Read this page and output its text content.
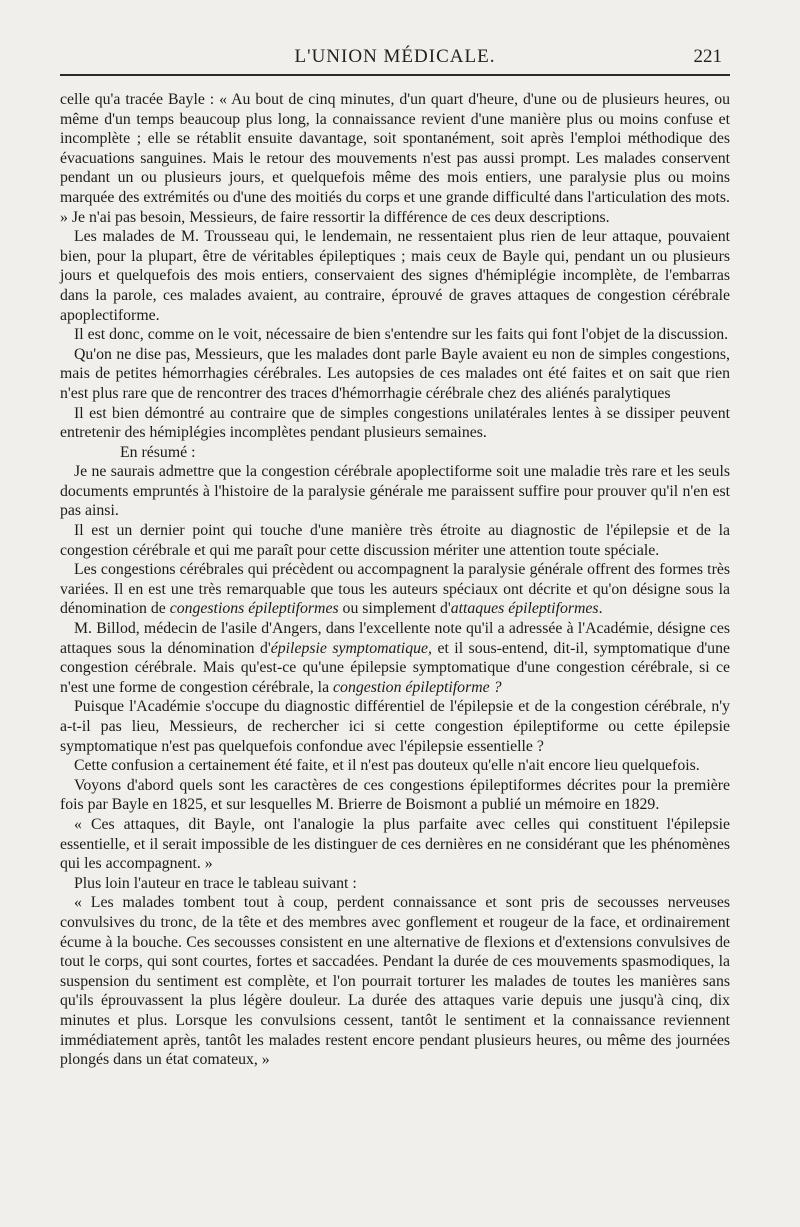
L'UNION MÉDICALE.	221

celle qu'a tracée Bayle : « Au bout de cinq minutes, d'un quart d'heure, d'une ou de plusieurs heures, ou même d'un temps beaucoup plus long, la connaissance revient d'une manière plus ou moins confuse et incomplète ; elle se rétablit ensuite davantage, soit spontanément, soit après l'emploi méthodique des évacuations sanguines. Mais le retour des mouvements n'est pas aussi prompt. Les malades conservent pendant un ou plusieurs jours, et quelquefois même des mois entiers, une paralysie plus ou moins marquée des extrémités ou d'une des moitiés du corps et une grande difficulté dans l'articulation des mots. » Je n'ai pas besoin, Messieurs, de faire ressortir la différence de ces deux descriptions.

Les malades de M. Trousseau qui, le lendemain, ne ressentaient plus rien de leur attaque, pouvaient bien, pour la plupart, être de véritables épileptiques ; mais ceux de Bayle qui, pendant un ou plusieurs jours et quelquefois des mois entiers, conservaient des signes d'hémiplégie incomplète, de l'embarras dans la parole, ces malades avaient, au contraire, éprouvé de graves attaques de congestion cérébrale apoplectiforme.

Il est donc, comme on le voit, nécessaire de bien s'entendre sur les faits qui font l'objet de la discussion.

Qu'on ne dise pas, Messieurs, que les malades dont parle Bayle avaient eu non de simples congestions, mais de petites hémorrhagies cérébrales. Les autopsies de ces malades ont été faites et on sait que rien n'est plus rare que de rencontrer des traces d'hémorrhagie cérébrale chez des aliénés paralytiques

Il est bien démontré au contraire que de simples congestions unilatérales lentes à se dissiper peuvent entretenir des hémiplégies incomplètes pendant plusieurs semaines.

En résumé :

Je ne saurais admettre que la congestion cérébrale apoplectiforme soit une maladie très rare et les seuls documents empruntés à l'histoire de la paralysie générale me paraissent suffire pour prouver qu'il n'en est pas ainsi.

Il est un dernier point qui touche d'une manière très étroite au diagnostic de l'épilepsie et de la congestion cérébrale et qui me paraît pour cette discussion mériter une attention toute spéciale.

Les congestions cérébrales qui précèdent ou accompagnent la paralysie générale offrent des formes très variées. Il en est une très remarquable que tous les auteurs spéciaux ont décrite et qu'on désigne sous la dénomination de congestions épileptiformes ou simplement d'attaques épileptiformes.

M. Billod, médecin de l'asile d'Angers, dans l'excellente note qu'il a adressée à l'Académie, désigne ces attaques sous la dénomination d'épilepsie symptomatique, et il sous-entend, dit-il, symptomatique d'une congestion cérébrale. Mais qu'est-ce qu'une épilepsie symptomatique d'une congestion cérébrale, si ce n'est une forme de congestion cérébrale, la congestion épileptiforme ?

Puisque l'Académie s'occupe du diagnostic différentiel de l'épilepsie et de la congestion cérébrale, n'y a-t-il pas lieu, Messieurs, de rechercher ici si cette congestion épileptiforme ou cette épilepsie symptomatique n'est pas quelquefois confondue avec l'épilepsie essentielle ?

Cette confusion a certainement été faite, et il n'est pas douteux qu'elle n'ait encore lieu quelquefois.

Voyons d'abord quels sont les caractères de ces congestions épileptiformes décrites pour la première fois par Bayle en 1825, et sur lesquelles M. Brierre de Boismont a publié un mémoire en 1829.

« Ces attaques, dit Bayle, ont l'analogie la plus parfaite avec celles qui constituent l'épilepsie essentielle, et il serait impossible de les distinguer de ces dernières en ne considérant que les phénomènes qui les accompagnent. »

Plus loin l'auteur en trace le tableau suivant :

« Les malades tombent tout à coup, perdent connaissance et sont pris de secousses nerveuses convulsives du tronc, de la tête et des membres avec gonflement et rougeur de la face, et ordinairement écume à la bouche. Ces secousses consistent en une alternative de flexions et d'extensions convulsives de tout le corps, qui sont courtes, fortes et saccadées. Pendant la durée de ces mouvements spasmodiques, la suspension du sentiment est complète, et l'on pourrait torturer les malades de toutes les manières sans qu'ils éprouvassent la plus légère douleur. La durée des attaques varie depuis une jusqu'à cinq, dix minutes et plus. Lorsque les convulsions cessent, tantôt le sentiment et la connaissance reviennent immédiatement après, tantôt les malades restent encore pendant plusieurs heures, ou même des journées plongés dans un état comateux, »
